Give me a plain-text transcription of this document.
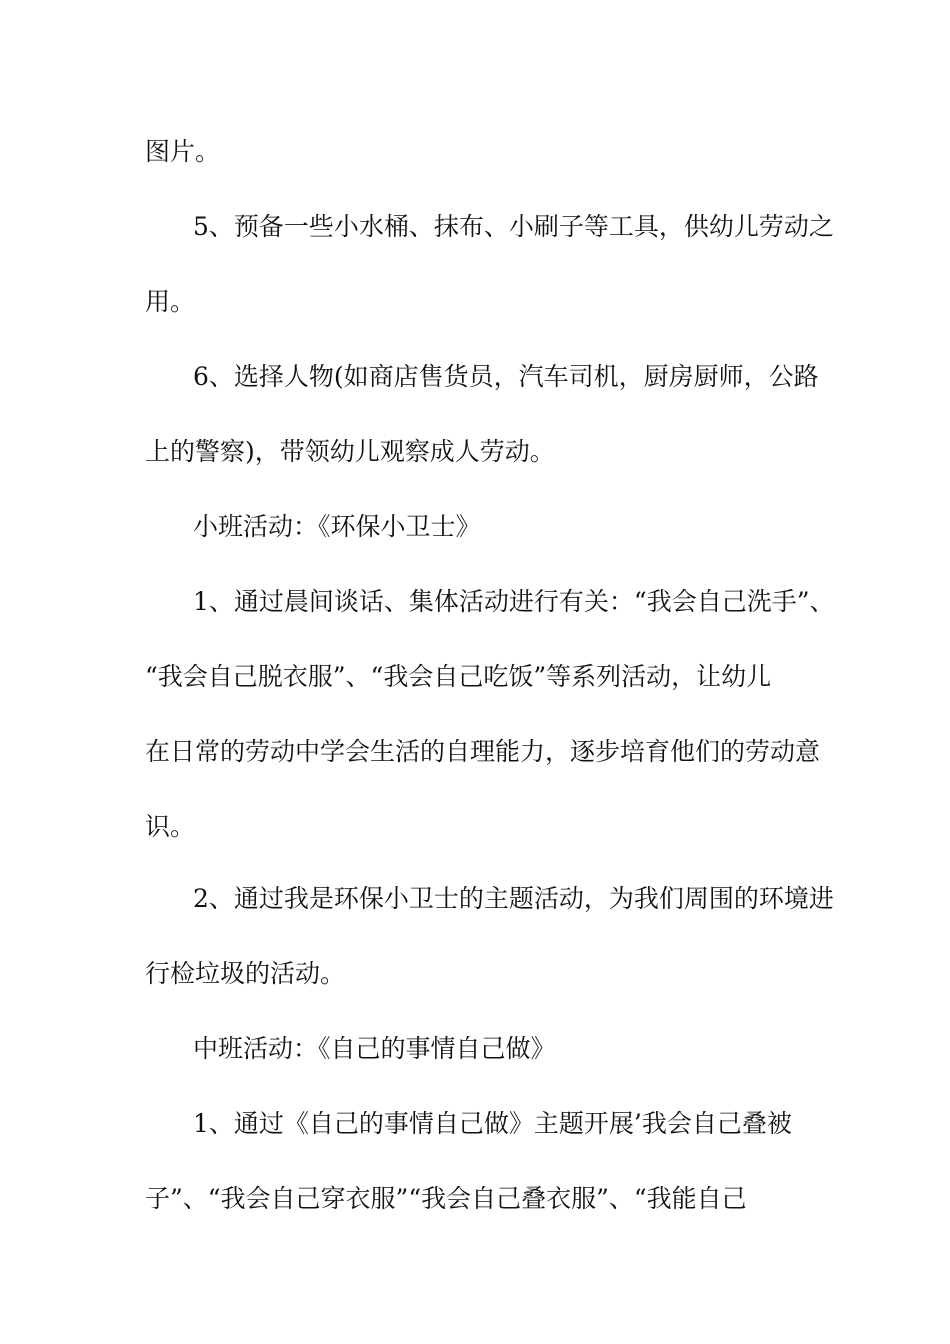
图片。
5、预备一些小水桶、抹布、小刷子等工具，供幼儿劳动之
用。
6、选择人物(如商店售货员，汽车司机，厨房厨师，公路
上的警察)，带领幼儿观察成人劳动。
小班活动：《环保小卫士》
1、通过晨间谈话、集体活动进行有关：“我会自己洗手”、
“我会自己脱衣服”、“我会自己吃饭”等系列活动，让幼儿
在日常的劳动中学会生活的自理能力，逐步培育他们的劳动意
识。
2、通过我是环保小卫士的主题活动，为我们周围的环境进
行检垃圾的活动。
中班活动：《自己的事情自己做》
1、通过《自己的事情自己做》主题开展’我会自己叠被
子”、“我会自己穿衣服”“我会自己叠衣服”、“我能自己
